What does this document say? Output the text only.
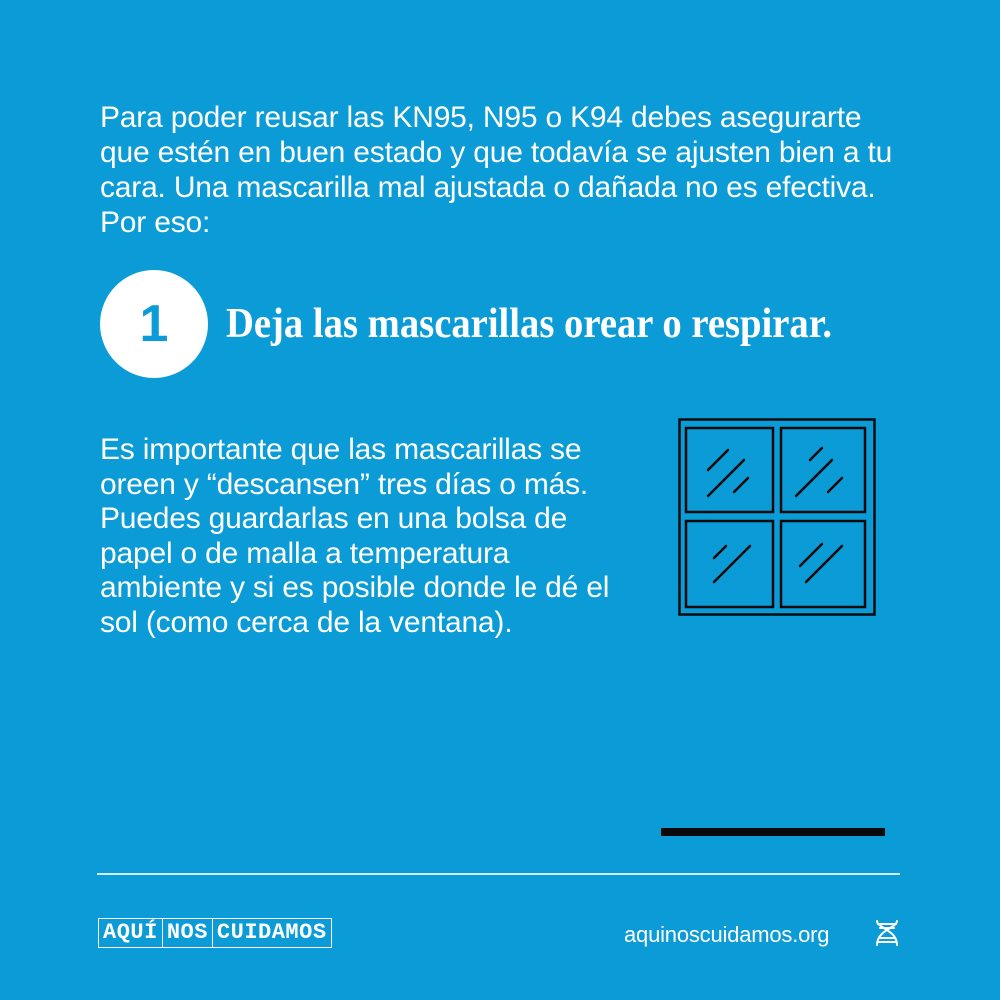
Para poder reusar las KN95, N95 o K94 debes asegurarte que estén en buen estado y que todavía se ajusten bien a tu cara. Una mascarilla mal ajustada o dañada no es efectiva. Por eso:

1 Deja las mascarillas orear o respirar.

Es importante que las mascarillas se oreen y “descansen” tres días o más. Puedes guardarlas en una bolsa de papel o de malla a temperatura ambiente y si es posible donde le dé el sol (como cerca de la ventana).

AQUÍ NOS CUIDAMOS	aquinoscuidamos.org
